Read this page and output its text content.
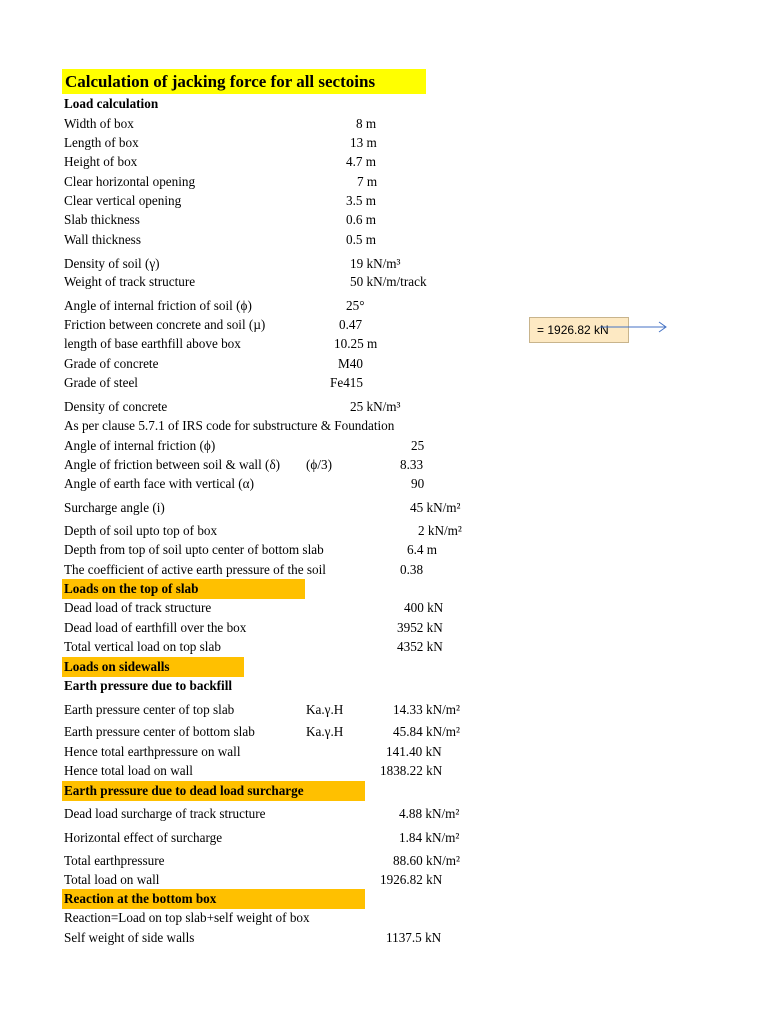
Calculation of jacking force for all sectoins
Load calculation
Width of box	8 m
Length of box	13 m
Height of box	4.7 m
Clear horizontal opening	7 m
Clear vertical opening	3.5 m
Slab thickness	0.6 m
Wall thickness	0.5 m
Density of soil (γ)	19 kN/m³
Weight of track structure	50 kN/m/track
Angle of internal friction of soil (ϕ)	25°
Friction between concrete and soil (µ)	0.47
length of base earthfill above box	10.25 m
Grade of concrete	M40
Grade of steel	Fe415
Density of concrete	25 kN/m³
As per clause 5.7.1 of IRS code for substructure & Foundation
Angle of internal friction (ϕ)	25
Angle of friction between soil & wall (δ) (ϕ/3)	8.33
Angle of earth face with vertical (α)	90
Surcharge angle (i)	45 kN/m²
Depth of soil upto top of box	2 kN/m²
Depth from top of soil upto center of bottom slab	6.4 m
The coefficient of active earth pressure of the soil	0.38
Loads on the top of slab
Dead load of track structure	400 kN
Dead load of earthfill over the box	3952 kN
Total vertical load on top slab	4352 kN
Loads on sidewalls
Earth pressure due to backfill
Earth pressure center of top slab	Ka.γ.H	14.33 kN/m²
Earth pressure center of bottom slab	Ka.γ.H	45.84 kN/m²
Hence total earthpressure on wall	141.40 kN
Hence total load on wall	1838.22 kN
Earth pressure due to dead load surcharge
Dead load surcharge of track structure	4.88 kN/m²
Horizontal effect of surcharge	1.84 kN/m²
Total earthpressure	88.60 kN/m²
Total load on wall	1926.82 kN
Reaction at the bottom box
Reaction=Load on top slab+self weight of box
Self weight of side walls	1137.5 kN
= 1926.82 kN
